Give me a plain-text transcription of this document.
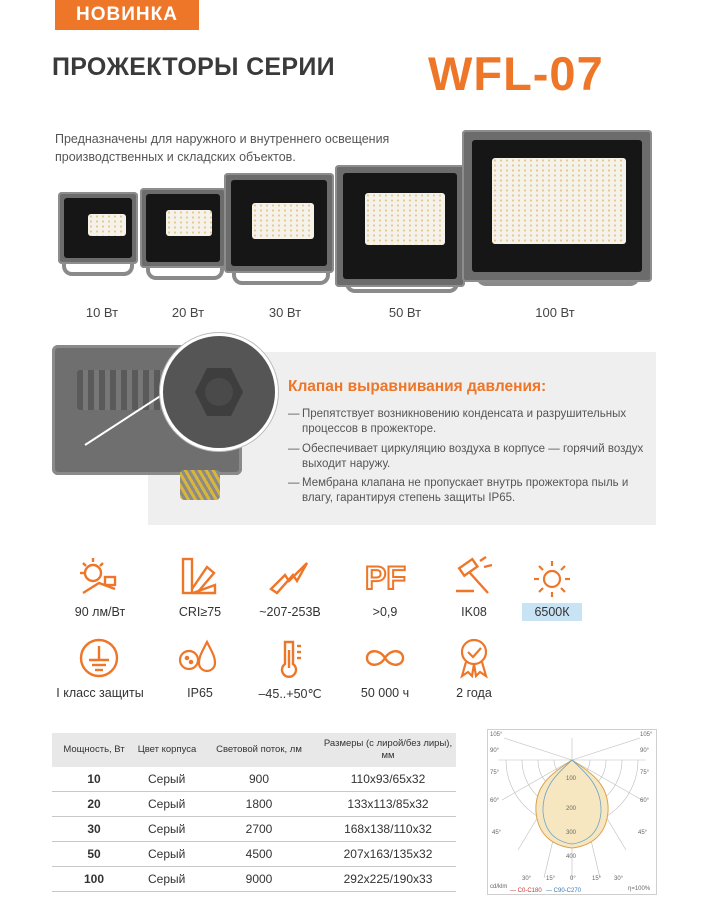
НОВИНКА
ПРОЖЕКТОРЫ СЕРИИ WFL-07
Предназначены для наружного и внутреннего освещения производственных и складских объектов.
10 Вт	20 Вт	30 Вт	50 Вт	100 Вт
Клапан выравнивания давления:
— Препятствует возникновению конденсата и разрушительных процессов в прожекторе.
— Обеспечивает циркуляцию воздуха в корпусе — горячий воздух выходит наружу.
— Мембрана клапана не пропускает внутрь прожектора пыль и влагу, гарантируя степень защиты IP65.
PF
90 лм/Вт	CRI≥75	~207-253В	>0,9	IK08	6500К
I класс защиты	IP65	–45..+50℃	50 000 ч	2 года
Мощность, Вт	Цвет корпуса	Световой поток, лм	Размеры (с лирой/без лиры), мм
10	Серый	900	110x93/65x32
20	Серый	1800	133x113/85x32
30	Серый	2700	168x138/110x32
50	Серый	4500	207x163/135x32
100	Серый	9000	292x225/190x33
105°
90°
75°
60°
45°
105°
90°
75°
60°
45°
30° 15° 0°	15° 30°
100
200
300
400
cd/klm
— C0-C180 — C90-C270	η=100%
